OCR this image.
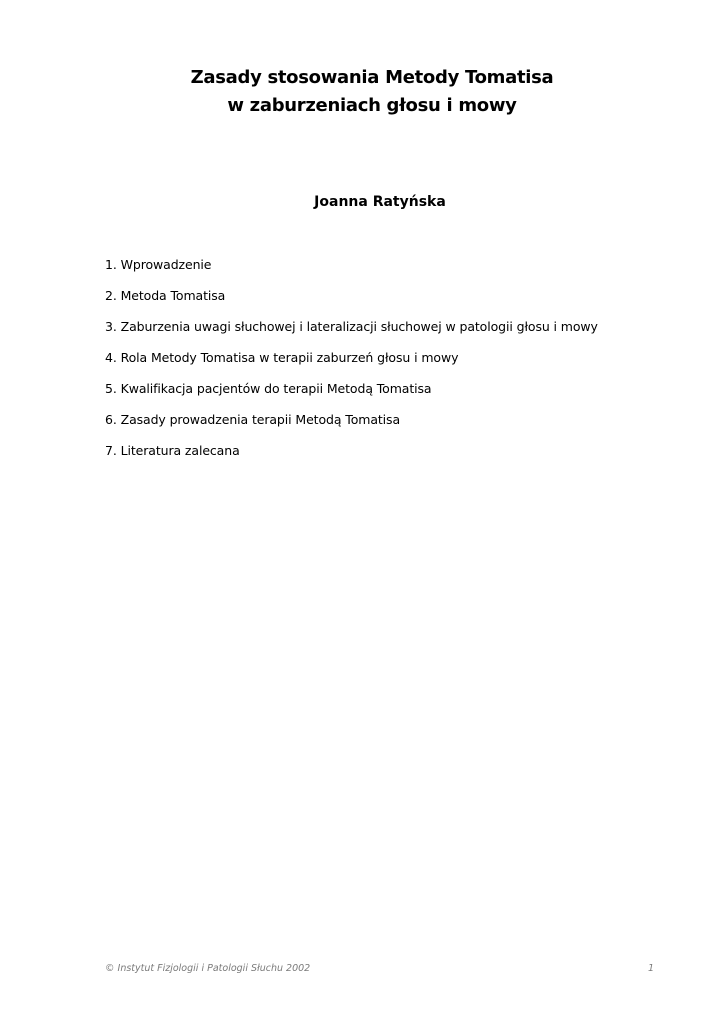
Zasady stosowania Metody Tomatisa
w zaburzeniach głosu i mowy
Joanna Ratyńska
1. Wprowadzenie
2. Metoda Tomatisa
3. Zaburzenia uwagi słuchowej i lateralizacji słuchowej w patologii głosu i mowy
4. Rola Metody Tomatisa w terapii zaburzeń głosu i mowy
5. Kwalifikacja pacjentów do terapii Metodą Tomatisa
6. Zasady prowadzenia terapii Metodą Tomatisa
7. Literatura zalecana
© Instytut Fizjologii i Patologii Słuchu 2002	1
